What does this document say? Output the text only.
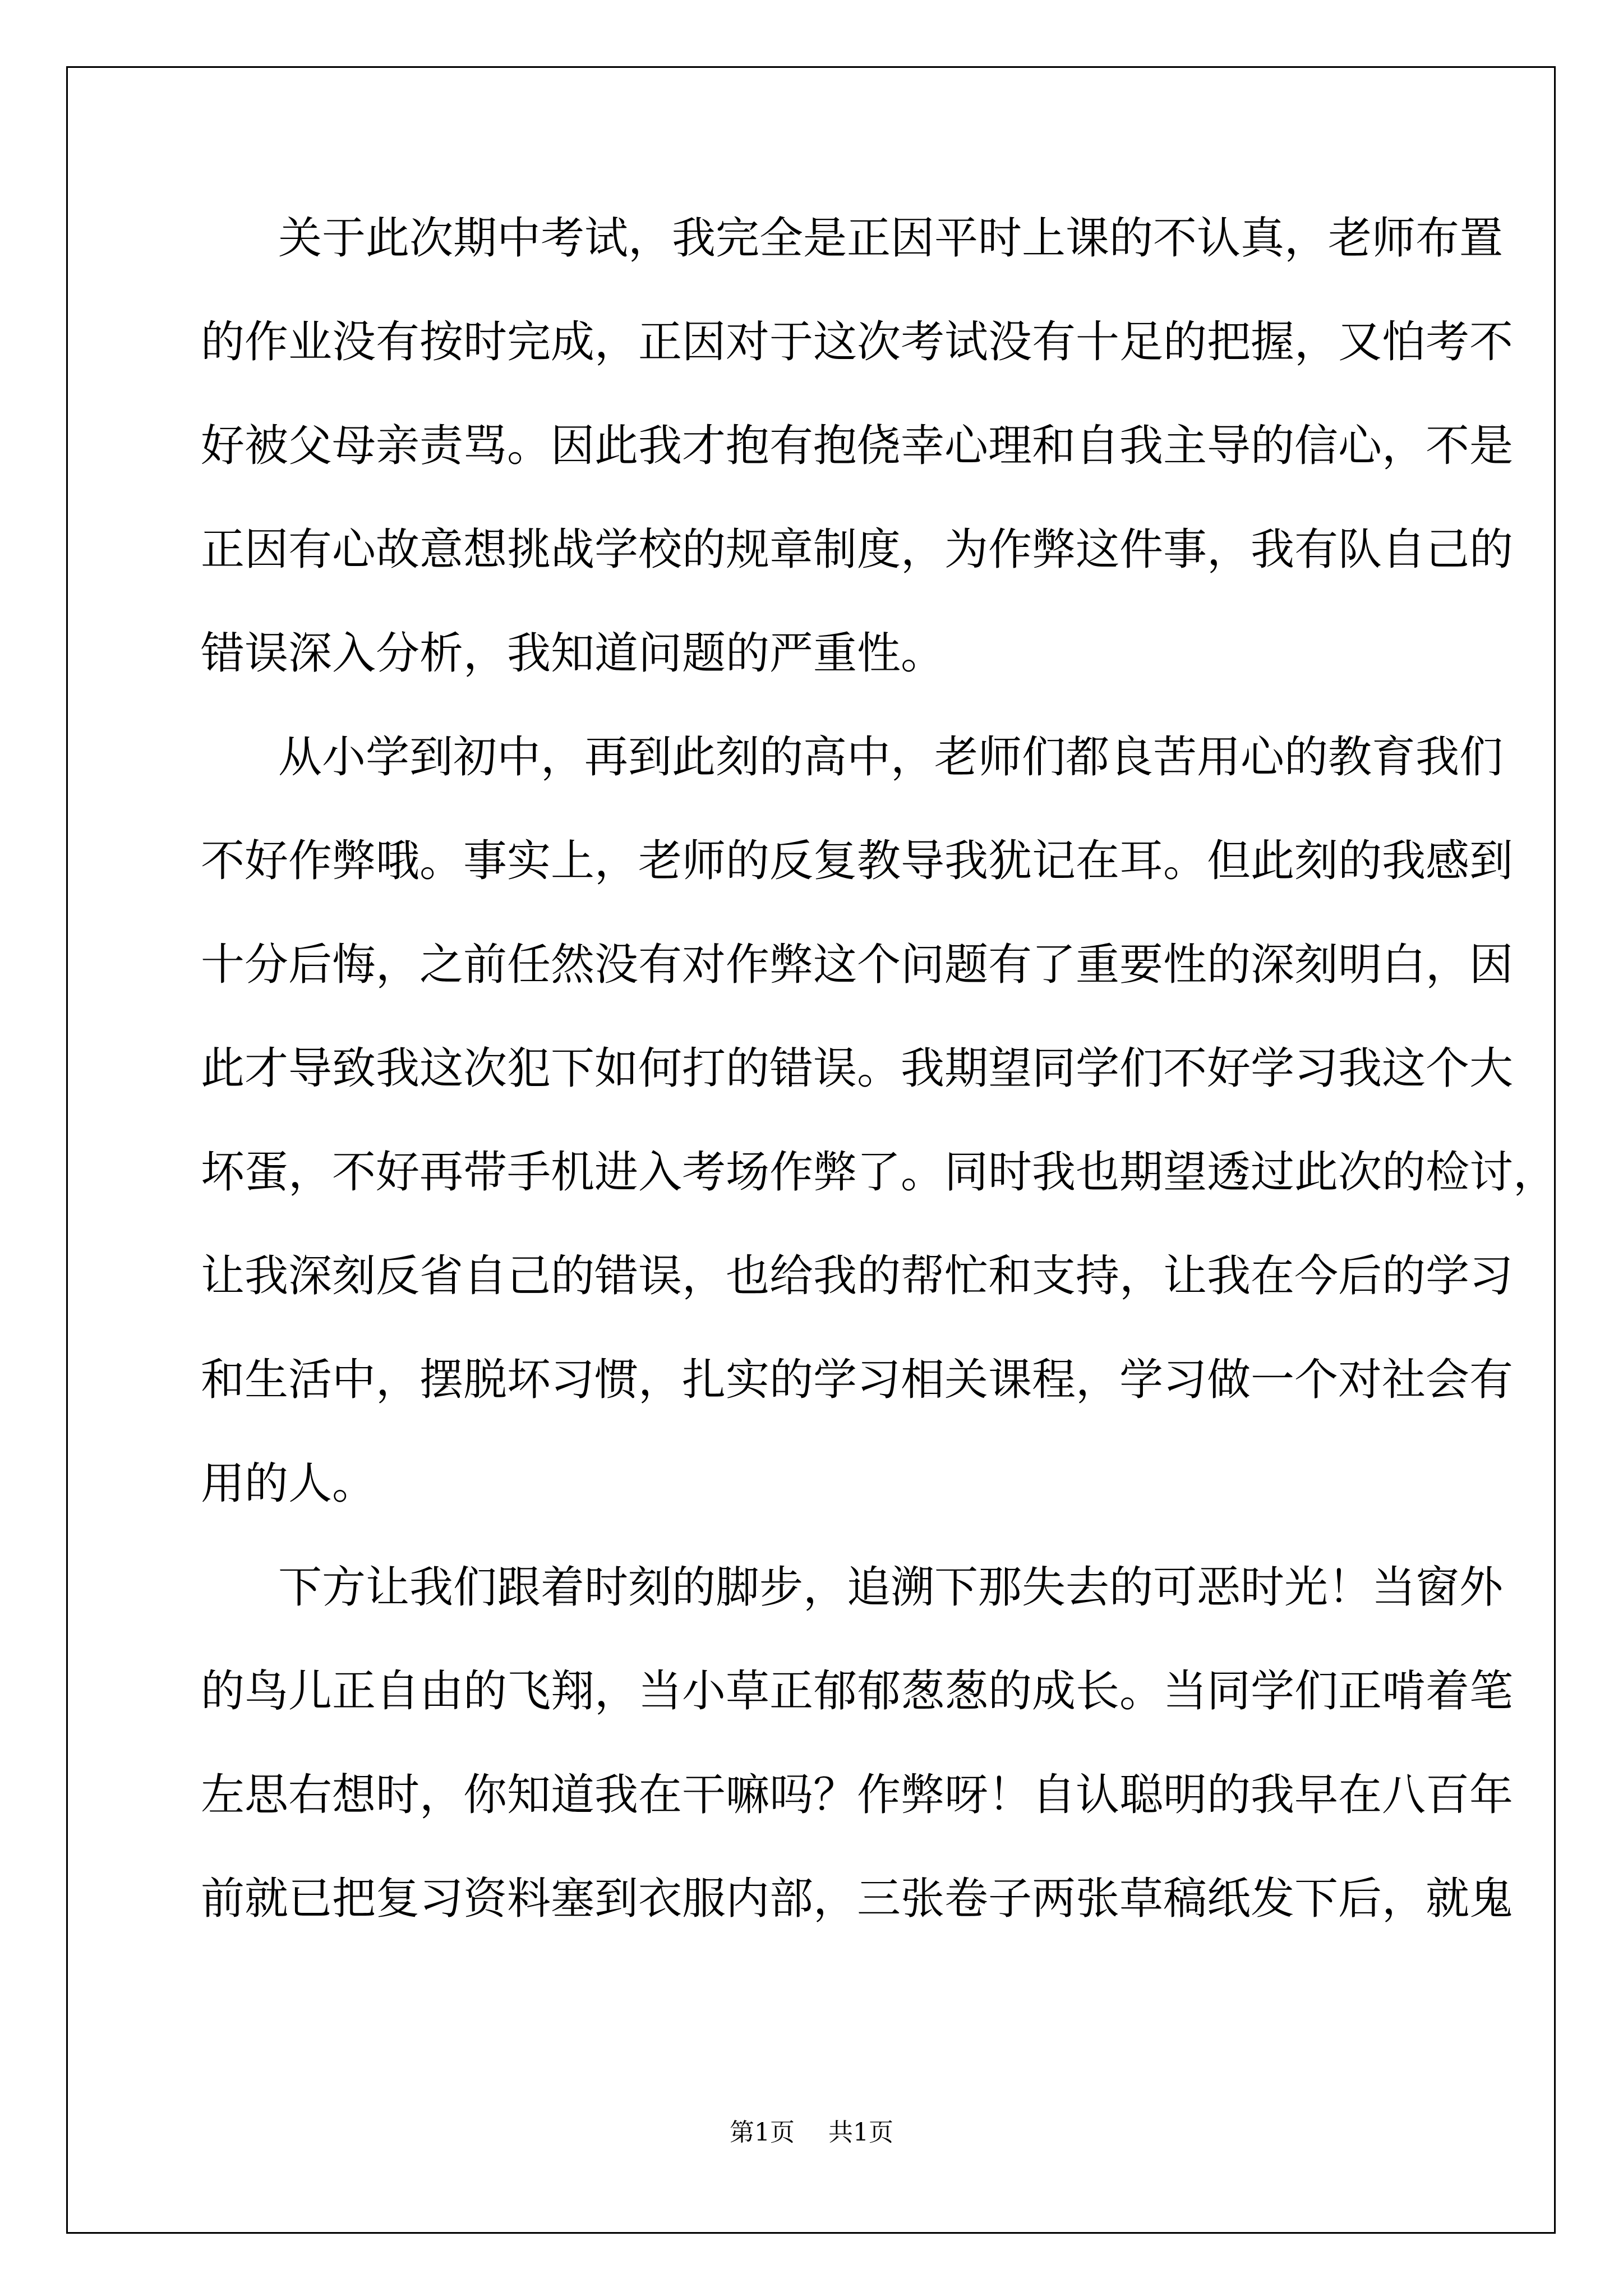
关于此次期中考试，我完全是正因平时上课的不认真，老师布置
的作业没有按时完成，正因对于这次考试没有十足的把握，又怕考不
好被父母亲责骂。因此我才抱有抱侥幸心理和自我主导的信心，不是
正因有心故意想挑战学校的规章制度，为作弊这件事，我有队自己的
错误深入分析，我知道问题的严重性。
从小学到初中，再到此刻的高中，老师们都良苦用心的教育我们
不好作弊哦。事实上，老师的反复教导我犹记在耳。但此刻的我感到
十分后悔，之前任然没有对作弊这个问题有了重要性的深刻明白，因
此才导致我这次犯下如何打的错误。我期望同学们不好学习我这个大
坏蛋，不好再带手机进入考场作弊了。同时我也期望透过此次的检讨，
让我深刻反省自己的错误，也给我的帮忙和支持，让我在今后的学习
和生活中，摆脱坏习惯，扎实的学习相关课程，学习做一个对社会有
用的人。
下方让我们跟着时刻的脚步，追溯下那失去的可恶时光！当窗外
的鸟儿正自由的飞翔，当小草正郁郁葱葱的成长。当同学们正啃着笔
左思右想时，你知道我在干嘛吗？作弊呀！自认聪明的我早在八百年
前就已把复习资料塞到衣服内部，三张卷子两张草稿纸发下后，就鬼
第1页 共1页
